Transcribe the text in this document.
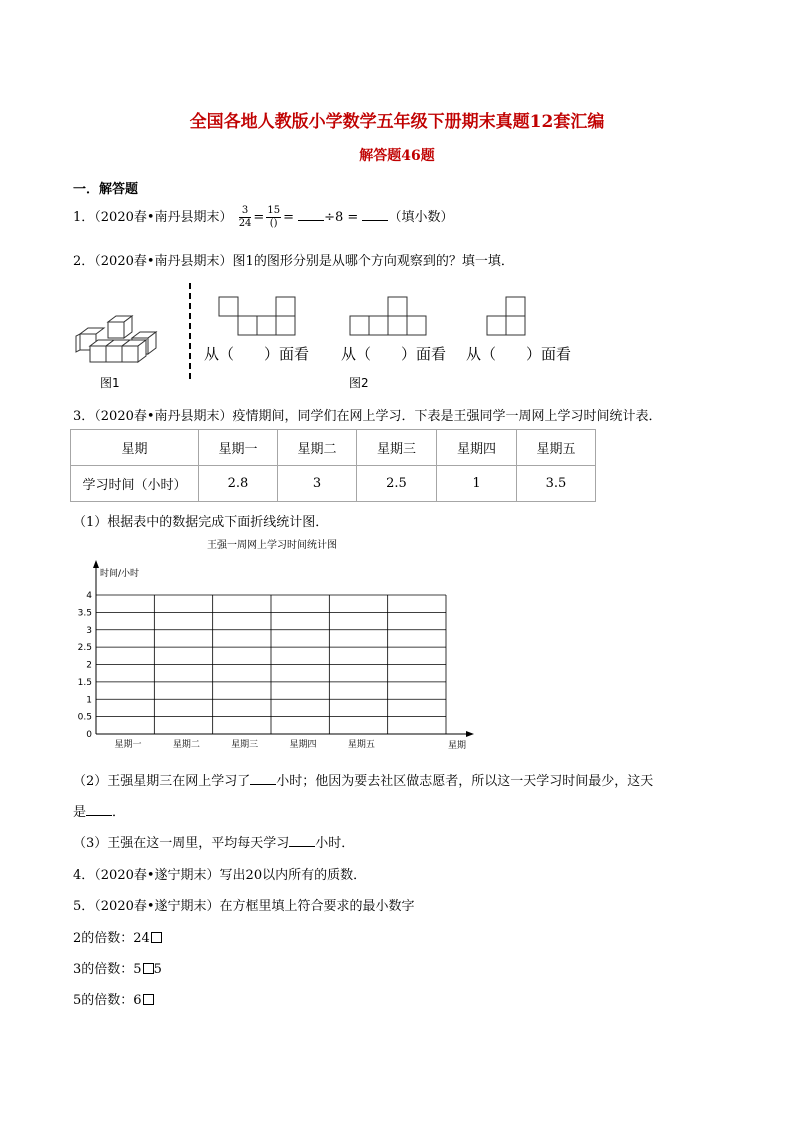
全国各地人教版小学数学五年级下册期末真题12套汇编
解答题46题
一．解答题
1．（2020春•南丹县期末） $\frac{3}{24} = \frac{15}{()} = \div 8$ = （填小数）
2．（2020春•南丹县期末）图1的图形分别是从哪个方向观察到的？填一填．
图1
从（　　）面看 从（　　）面看 从（　　）面看
图2
3．（2020春•南丹县期末）疫情期间，同学们在网上学习．下表是王强同学一周网上学习时间统计表．
星期	星期一	星期二	星期三	星期四	星期五
学习时间（小时）	2.8	3	2.5	1	3.5
（1）根据表中的数据完成下面折线统计图．
王强一周网上学习时间统计图
时间/小时
星期
0
0.5
1
1.5
2
2.5
3
3.5
4
星期一	星期二	星期三	星期四	星期五
（2）王强星期三在网上学习了 小时；他因为要去社区做志愿者，所以这一天学习时间最少，这天
是 ．
（3）王强在这一周里，平均每天学习 小时．
4．（2020春•遂宁期末）写出20以内所有的质数．
5．（2020春•遂宁期末）在方框里填上符合要求的最小数字
2的倍数：24
3的倍数：5 5
5的倍数：6
